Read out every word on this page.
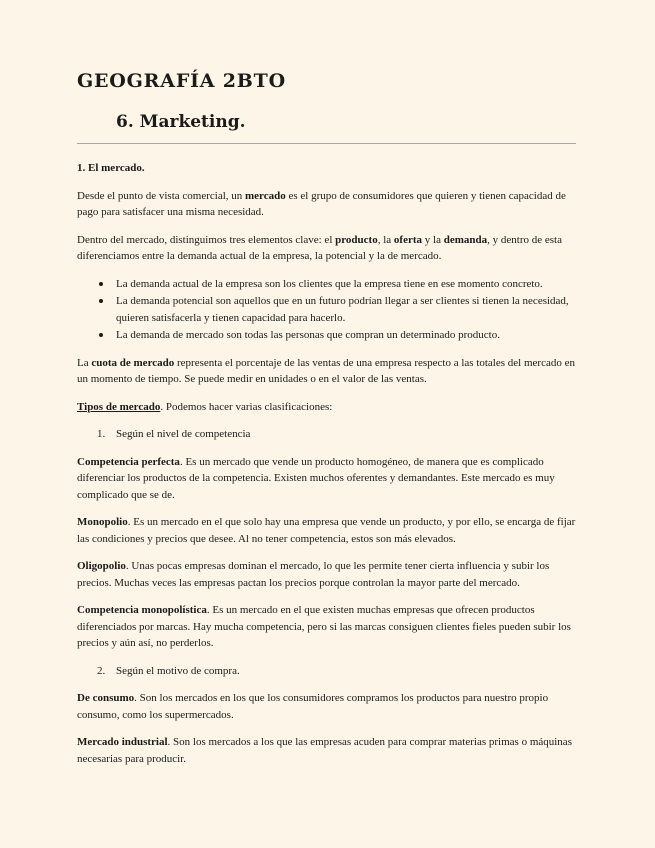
GEOGRAFÍA 2BTO
6. Marketing.
1. El mercado.

Desde el punto de vista comercial, un mercado es el grupo de consumidores que quieren y tienen capacidad de pago para satisfacer una misma necesidad.

Dentro del mercado, distinguimos tres elementos clave: el producto, la oferta y la demanda, y dentro de esta diferenciamos entre la demanda actual de la empresa, la potencial y la de mercado.

La demanda actual de la empresa son los clientes que la empresa tiene en ese momento concreto.
La demanda potencial son aquellos que en un futuro podrían llegar a ser clientes si tienen la necesidad, quieren satisfacerla y tienen capacidad para hacerlo.
La demanda de mercado son todas las personas que compran un determinado producto.

La cuota de mercado representa el porcentaje de las ventas de una empresa respecto a las totales del mercado en un momento de tiempo. Se puede medir en unidades o en el valor de las ventas.

Tipos de mercado. Podemos hacer varias clasificaciones:

1. Según el nivel de competencia

Competencia perfecta. Es un mercado que vende un producto homogéneo, de manera que es complicado diferenciar los productos de la competencia. Existen muchos oferentes y demandantes. Este mercado es muy complicado que se de.

Monopolio. Es un mercado en el que solo hay una empresa que vende un producto, y por ello, se encarga de fijar las condiciones y precios que desee. Al no tener competencia, estos son más elevados.

Oligopolio. Unas pocas empresas dominan el mercado, lo que les permite tener cierta influencia y subir los precios. Muchas veces las empresas pactan los precios porque controlan la mayor parte del mercado.

Competencia monopolística. Es un mercado en el que existen muchas empresas que ofrecen productos diferenciados por marcas. Hay mucha competencia, pero si las marcas consiguen clientes fieles pueden subir los precios y aún así, no perderlos.

2. Según el motivo de compra.

De consumo. Son los mercados en los que los consumidores compramos los productos para nuestro propio consumo, como los supermercados.

Mercado industrial. Son los mercados a los que las empresas acuden para comprar materias primas o máquinas necesarias para producir.
